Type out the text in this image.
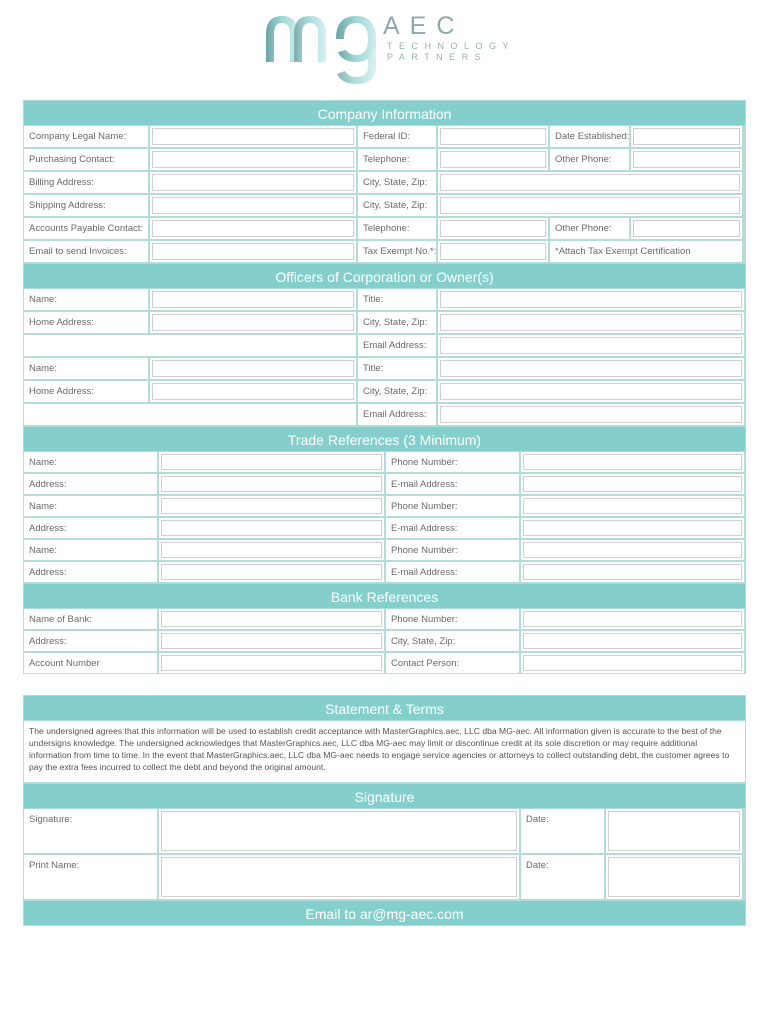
AEC
TECHNOLOGY
PARTNERS
Company Information
Company Legal Name:	Federal ID:	Date Established:
Purchasing Contact:	Telephone:	Other Phone:
Billing Address:	City, State, Zip:
Shipping Address:	City, State, Zip:
Accounts Payable Contact:	Telephone:	Other Phone:
Email to send Invoices:	Tax Exempt No.*:	*Attach Tax Exempt Certification
Officers of Corporation or Owner(s)
Name:	Title:
Home Address:	City, State, Zip:
Email Address:
Name:	Title:
Home Address:	City, State, Zip:
Email Address:
Trade References (3 Minimum)
Name:	Phone Number:
Address:	E-mail Address:
Name:	Phone Number:
Address:	E-mail Address:
Name:	Phone Number:
Address:	E-mail Address:
Bank References
Name of Bank:	Phone Number:
Address:	City, State, Zip:
Account Number	Contact Person:
Statement & Terms
The undersigned agrees that this information will be used to establish credit acceptance with MasterGraphics.aec, LLC dba MG-aec. All information given is accurate to the best of the undersigns knowledge. The undersigned acknowledges that MasterGraphics.aec, LLC dba MG-aec may limit or discontinue credit at its sole discretion or may require additional information from time to time. In the event that MasterGraphics.aec, LLC dba MG-aec needs to engage service agencies or attorneys to collect outstanding debt, the customer agrees to pay the extra fees incurred to collect the debt and beyond the original amount.
Signature
Signature:	Date:
Print Name:	Date:
Email to ar@mg-aec.com
